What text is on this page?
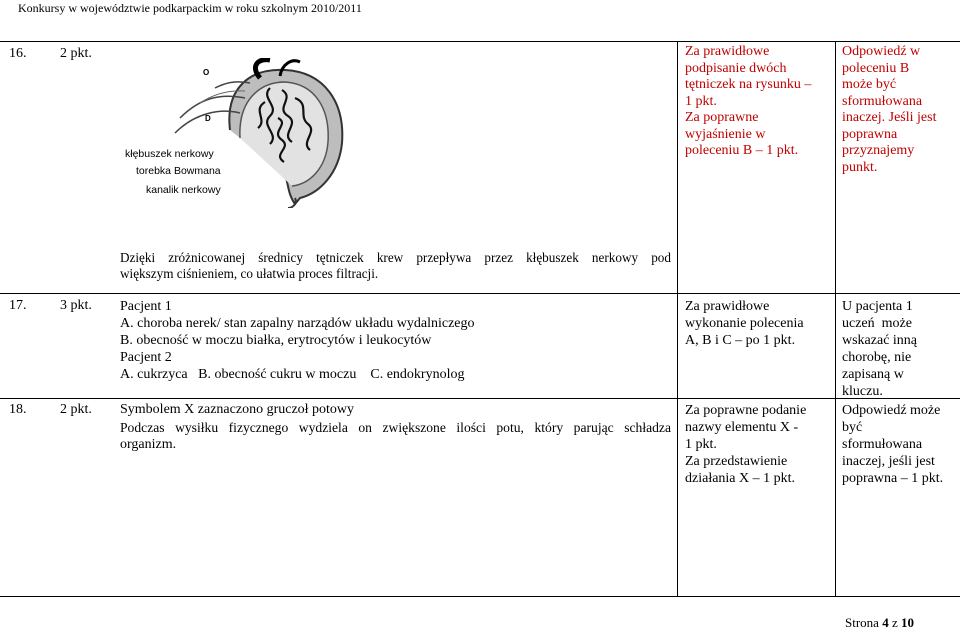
Konkursy w województwie podkarpackim w roku szkolnym 2010/2011
16. 2 pkt.
O
D
kłębuszek nerkowy
torebka Bowmana
kanalik nerkowy
Dzięki zróżnicowanej średnicy tętniczek krew przepływa przez kłębuszek nerkowy pod
większym ciśnieniem, co ułatwia proces filtracji.
Za prawidłowe
podpisanie dwóch
tętniczek na rysunku –
1 pkt.
Za poprawne
wyjaśnienie w
poleceniu B – 1 pkt.
Odpowiedź w
poleceniu B
może być
sformułowana
inaczej. Jeśli jest
poprawna
przyznajemy
punkt.
17. 3 pkt. Pacjent 1
A. choroba nerek/ stan zapalny narządów układu wydalniczego
B. obecność w moczu białka, erytrocytów i leukocytów
Pacjent 2
A. cukrzyca   B. obecność cukru w moczu    C. endokrynolog
Za prawidłowe
wykonanie polecenia
A, B i C – po 1 pkt.
U pacjenta 1
uczeń  może
wskazać inną
chorobę, nie
zapisaną w
kluczu.
18. 2 pkt. Symbolem X zaznaczono gruczoł potowy
Podczas wysiłku fizycznego wydziela on zwiększone ilości potu, który parując schładza
organizm.
Za poprawne podanie
nazwy elementu X -
1 pkt.
Za przedstawienie
działania X – 1 pkt.
Odpowiedź może
być
sformułowana
inaczej, jeśli jest
poprawna – 1 pkt.
Strona 4 z 10
